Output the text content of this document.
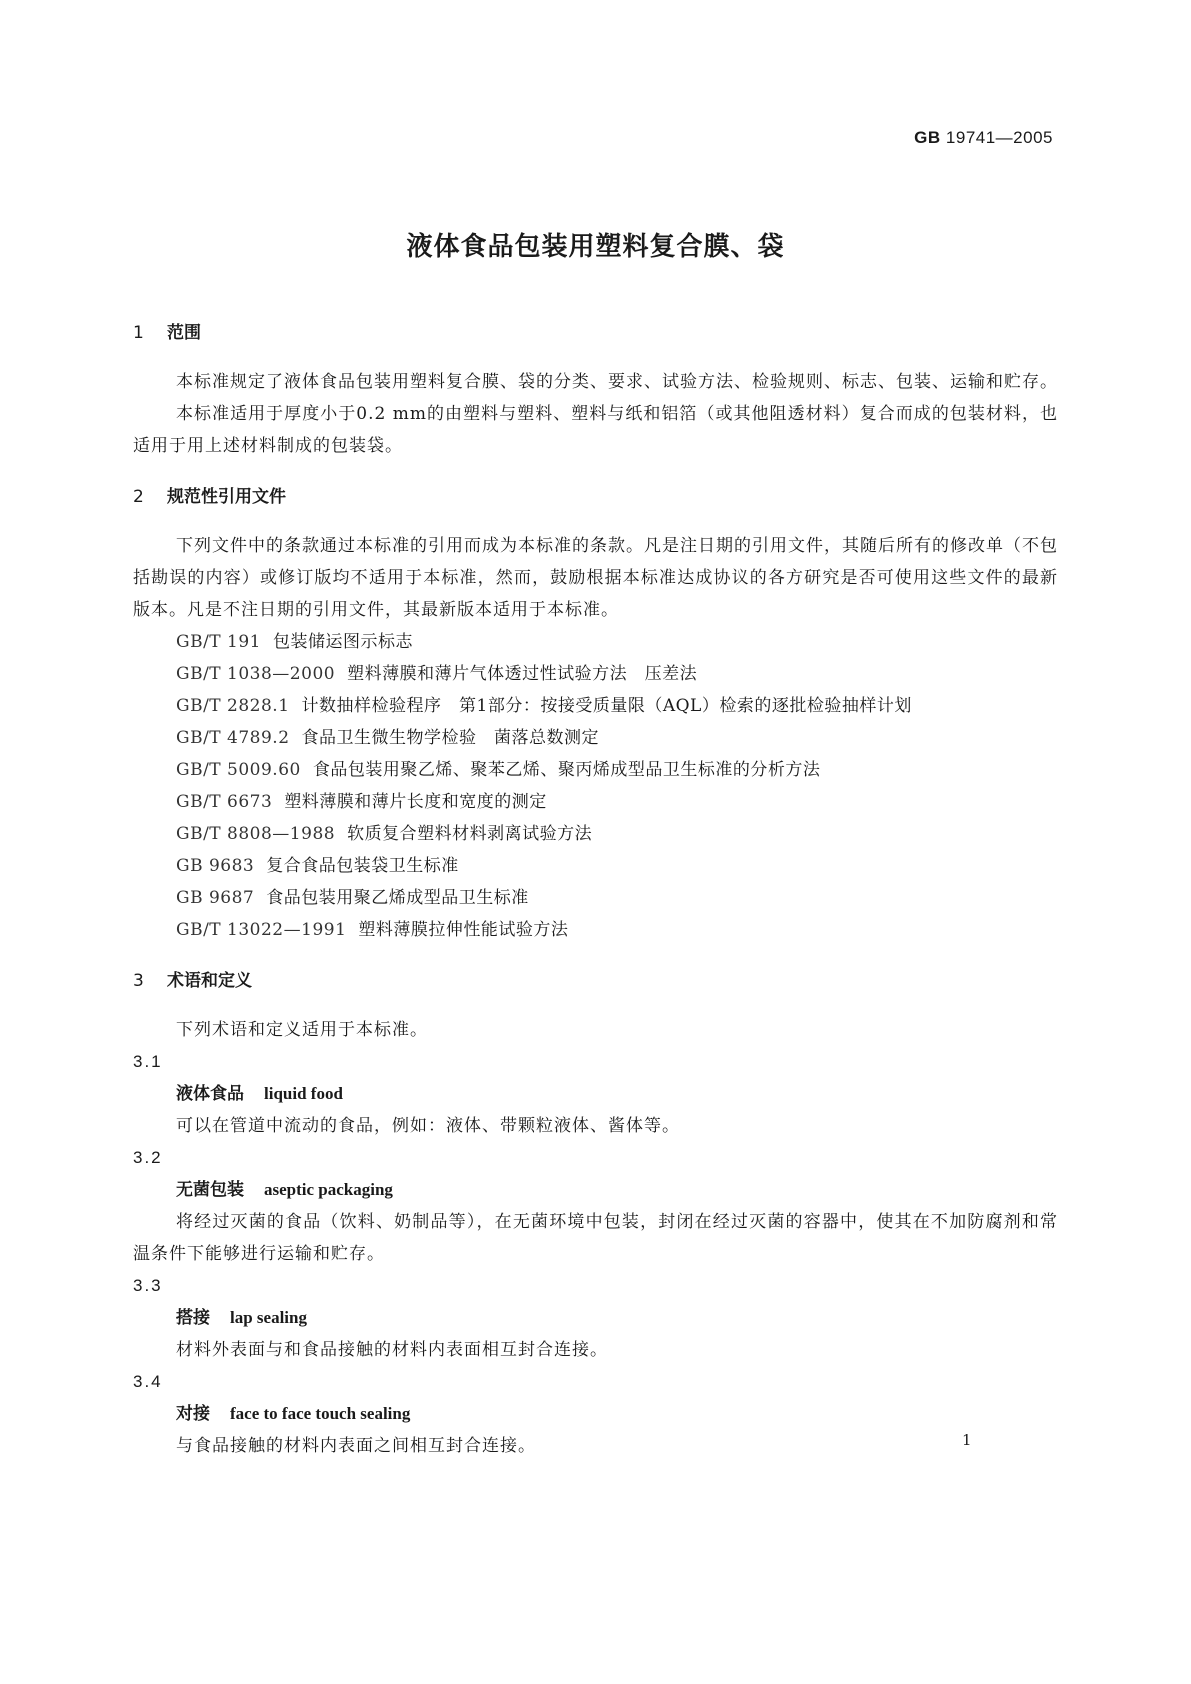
GB 19741—2005
液体食品包装用塑料复合膜、袋
1 范围

本标准规定了液体食品包装用塑料复合膜、袋的分类、要求、试验方法、检验规则、标志、包装、运输和贮存。

本标准适用于厚度小于0.2 mm的由塑料与塑料、塑料与纸和铝箔（或其他阻透材料）复合而成的包装材料，也适用于用上述材料制成的包装袋。

2 规范性引用文件

下列文件中的条款通过本标准的引用而成为本标准的条款。凡是注日期的引用文件，其随后所有的修改单（不包括勘误的内容）或修订版均不适用于本标准，然而，鼓励根据本标准达成协议的各方研究是否可使用这些文件的最新版本。凡是不注日期的引用文件，其最新版本适用于本标准。

GB/T 191 包装储运图示标志
GB/T 1038—2000 塑料薄膜和薄片气体透过性试验方法　压差法
GB/T 2828.1 计数抽样检验程序　第1部分：按接受质量限（AQL）检索的逐批检验抽样计划
GB/T 4789.2 食品卫生微生物学检验　菌落总数测定
GB/T 5009.60 食品包装用聚乙烯、聚苯乙烯、聚丙烯成型品卫生标准的分析方法
GB/T 6673 塑料薄膜和薄片长度和宽度的测定
GB/T 8808—1988 软质复合塑料材料剥离试验方法
GB 9683 复合食品包装袋卫生标准
GB 9687 食品包装用聚乙烯成型品卫生标准
GB/T 13022—1991 塑料薄膜拉伸性能试验方法
3 术语和定义

下列术语和定义适用于本标准。

3.1
液体食品 liquid food

可以在管道中流动的食品，例如：液体、带颗粒液体、酱体等。

3.2
无菌包装 aseptic packaging

将经过灭菌的食品（饮料、奶制品等），在无菌环境中包装，封闭在经过灭菌的容器中，使其在不加防腐剂和常温条件下能够进行运输和贮存。

3.3
搭接 lap sealing

材料外表面与和食品接触的材料内表面相互封合连接。

3.4
对接 face to face touch sealing

与食品接触的材料内表面之间相互封合连接。	1
